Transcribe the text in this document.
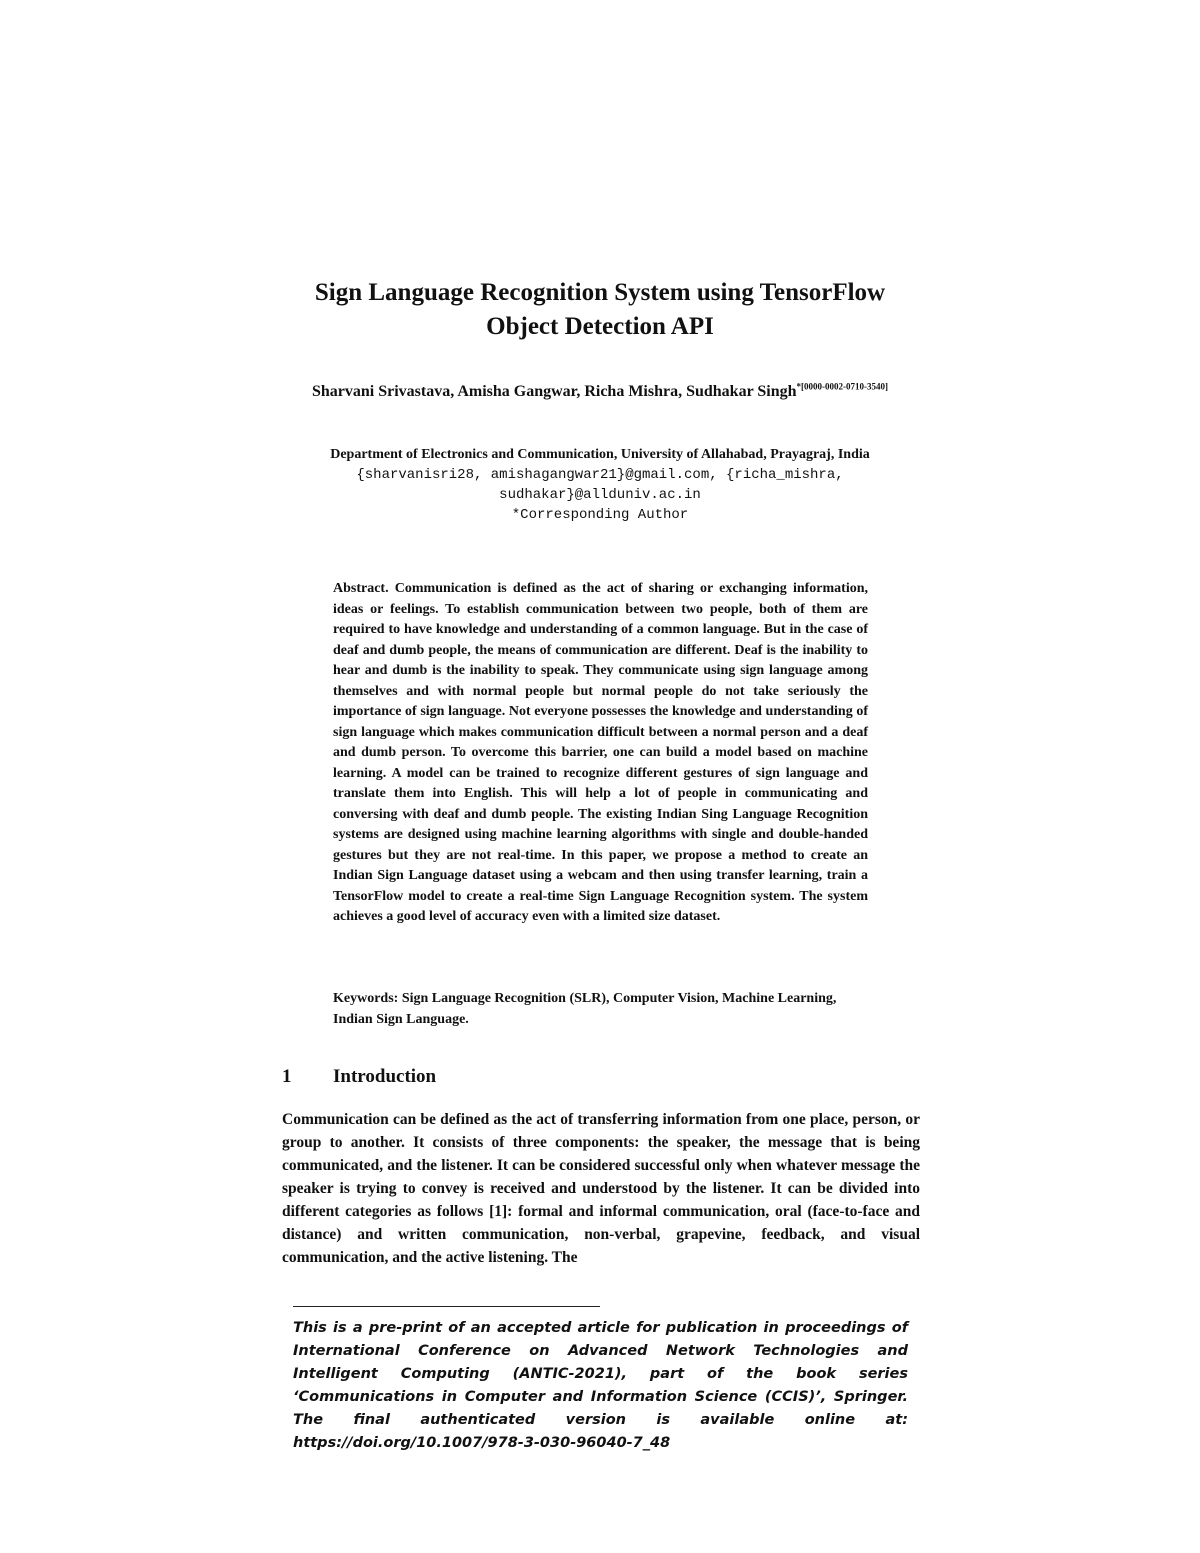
Sign Language Recognition System using TensorFlow
Object Detection API
Sharvani Srivastava, Amisha Gangwar, Richa Mishra, Sudhakar Singh$^{*[0000-0002-0710-3540]}$
Department of Electronics and Communication, University of Allahabad, Prayagraj, India
{sharvanisri28, amishagangwar21}@gmail.com, {richa_mishra,
sudhakar}@allduniv.ac.in
*Corresponding Author
Abstract. Communication is defined as the act of sharing or exchanging information, ideas or feelings. To establish communication between two people, both of them are required to have knowledge and understanding of a common language. But in the case of deaf and dumb people, the means of communication are different. Deaf is the inability to hear and dumb is the inability to speak. They communicate using sign language among themselves and with normal people but normal people do not take seriously the importance of sign language. Not everyone possesses the knowledge and understanding of sign language which makes communication difficult between a normal person and a deaf and dumb person. To overcome this barrier, one can build a model based on machine learning. A model can be trained to recognize different gestures of sign language and translate them into English. This will help a lot of people in communicating and conversing with deaf and dumb people. The existing Indian Sing Language Recognition systems are designed using machine learning algorithms with single and double-handed gestures but they are not real-time. In this paper, we propose a method to create an Indian Sign Language dataset using a webcam and then using transfer learning, train a TensorFlow model to create a real-time Sign Language Recognition system. The system achieves a good level of accuracy even with a limited size dataset.
Keywords: Sign Language Recognition (SLR), Computer Vision, Machine Learning, Indian Sign Language.
1 Introduction
Communication can be defined as the act of transferring information from one place, person, or group to another. It consists of three components: the speaker, the message that is being communicated, and the listener. It can be considered successful only when whatever message the speaker is trying to convey is received and understood by the listener. It can be divided into different categories as follows [1]: formal and informal communication, oral (face-to-face and distance) and written communication, non-verbal, grapevine, feedback, and visual communication, and the active listening. The
This is a pre-print of an accepted article for publication in proceedings of International Conference on Advanced Network Technologies and Intelligent Computing (ANTIC-2021), part of the book series ‘Communications in Computer and Information Science (CCIS)’, Springer. The final authenticated version is available online at: https://doi.org/10.1007/978-3-030-96040-7_48
